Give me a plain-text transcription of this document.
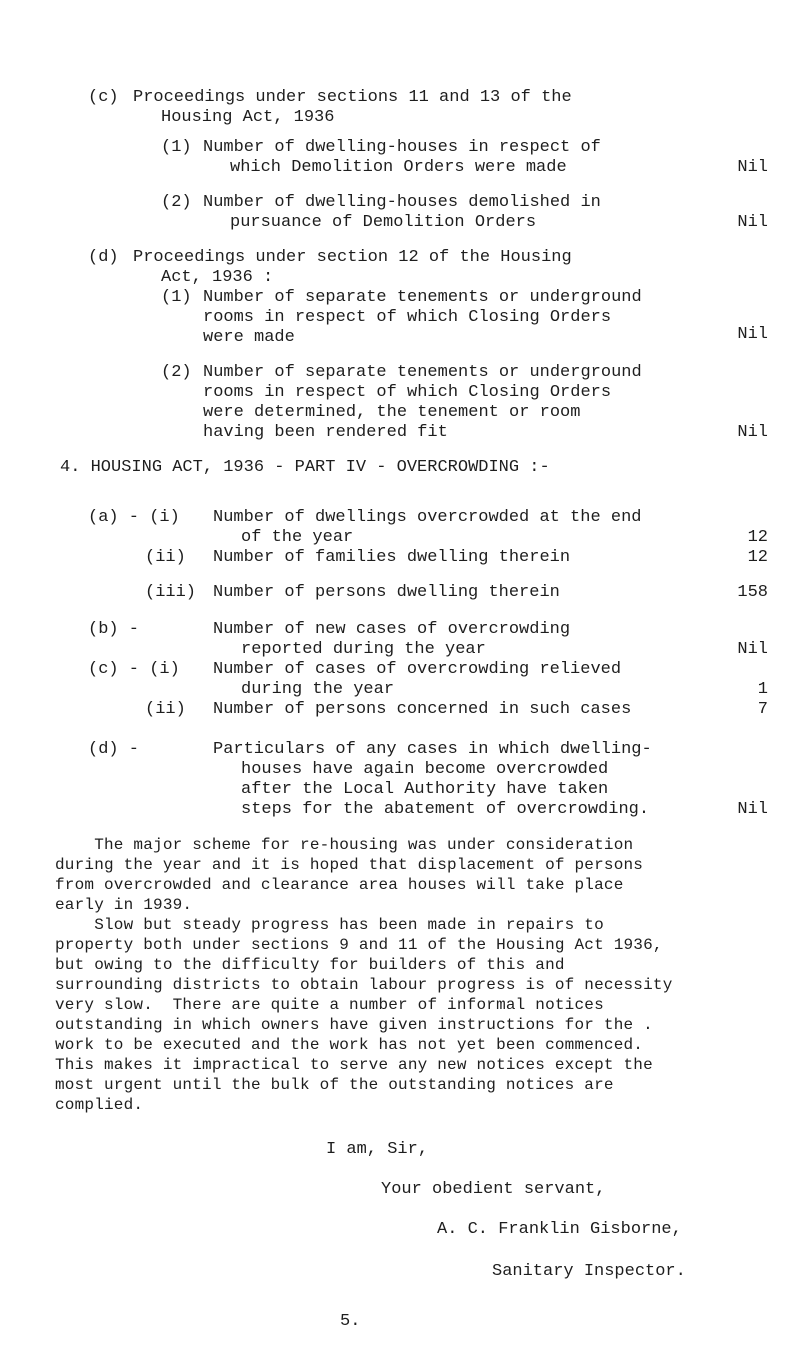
(c) Proceedings under sections 11 and 13 of the
Housing Act, 1936
(1) Number of dwelling-houses in respect of
which Demolition Orders were made	Nil
(2) Number of dwelling-houses demolished in
pursuance of Demolition Orders	Nil
(d) Proceedings under section 12 of the Housing
Act, 1936 :
(1) Number of separate tenements or underground
rooms in respect of which Closing Orders
were made	Nil
(2) Number of separate tenements or underground
rooms in respect of which Closing Orders
were determined, the tenement or room
having been rendered fit	Nil
4. HOUSING ACT, 1936 - PART IV - OVERCROWDING :-
(a) - (i) Number of dwellings overcrowded at the end
of the year	12
(ii) Number of families dwelling therein	12
(iii) Number of persons dwelling therein	158
(b) -	Number of new cases of overcrowding
reported during the year	Nil
(c) - (i) Number of cases of overcrowding relieved
during the year	1
(ii) Number of persons concerned in such cases	7
(d) -	Particulars of any cases in which dwelling-
houses have again become overcrowded
after the Local Authority have taken
steps for the abatement of overcrowding.	Nil
The major scheme for re-housing was under consideration
during the year and it is hoped that displacement of persons
from overcrowded and clearance area houses will take place
early in 1939.
Slow but steady progress has been made in repairs to
property both under sections 9 and 11 of the Housing Act 1936,
but owing to the difficulty for builders of this and
surrounding districts to obtain labour progress is of necessity
very slow.  There are quite a number of informal notices
outstanding in which owners have given instructions for the .
work to be executed and the work has not yet been commenced.
This makes it impractical to serve any new notices except the
most urgent until the bulk of the outstanding notices are
complied.
I am, Sir,
Your obedient servant,
A. C. Franklin Gisborne,
Sanitary Inspector.
5.
